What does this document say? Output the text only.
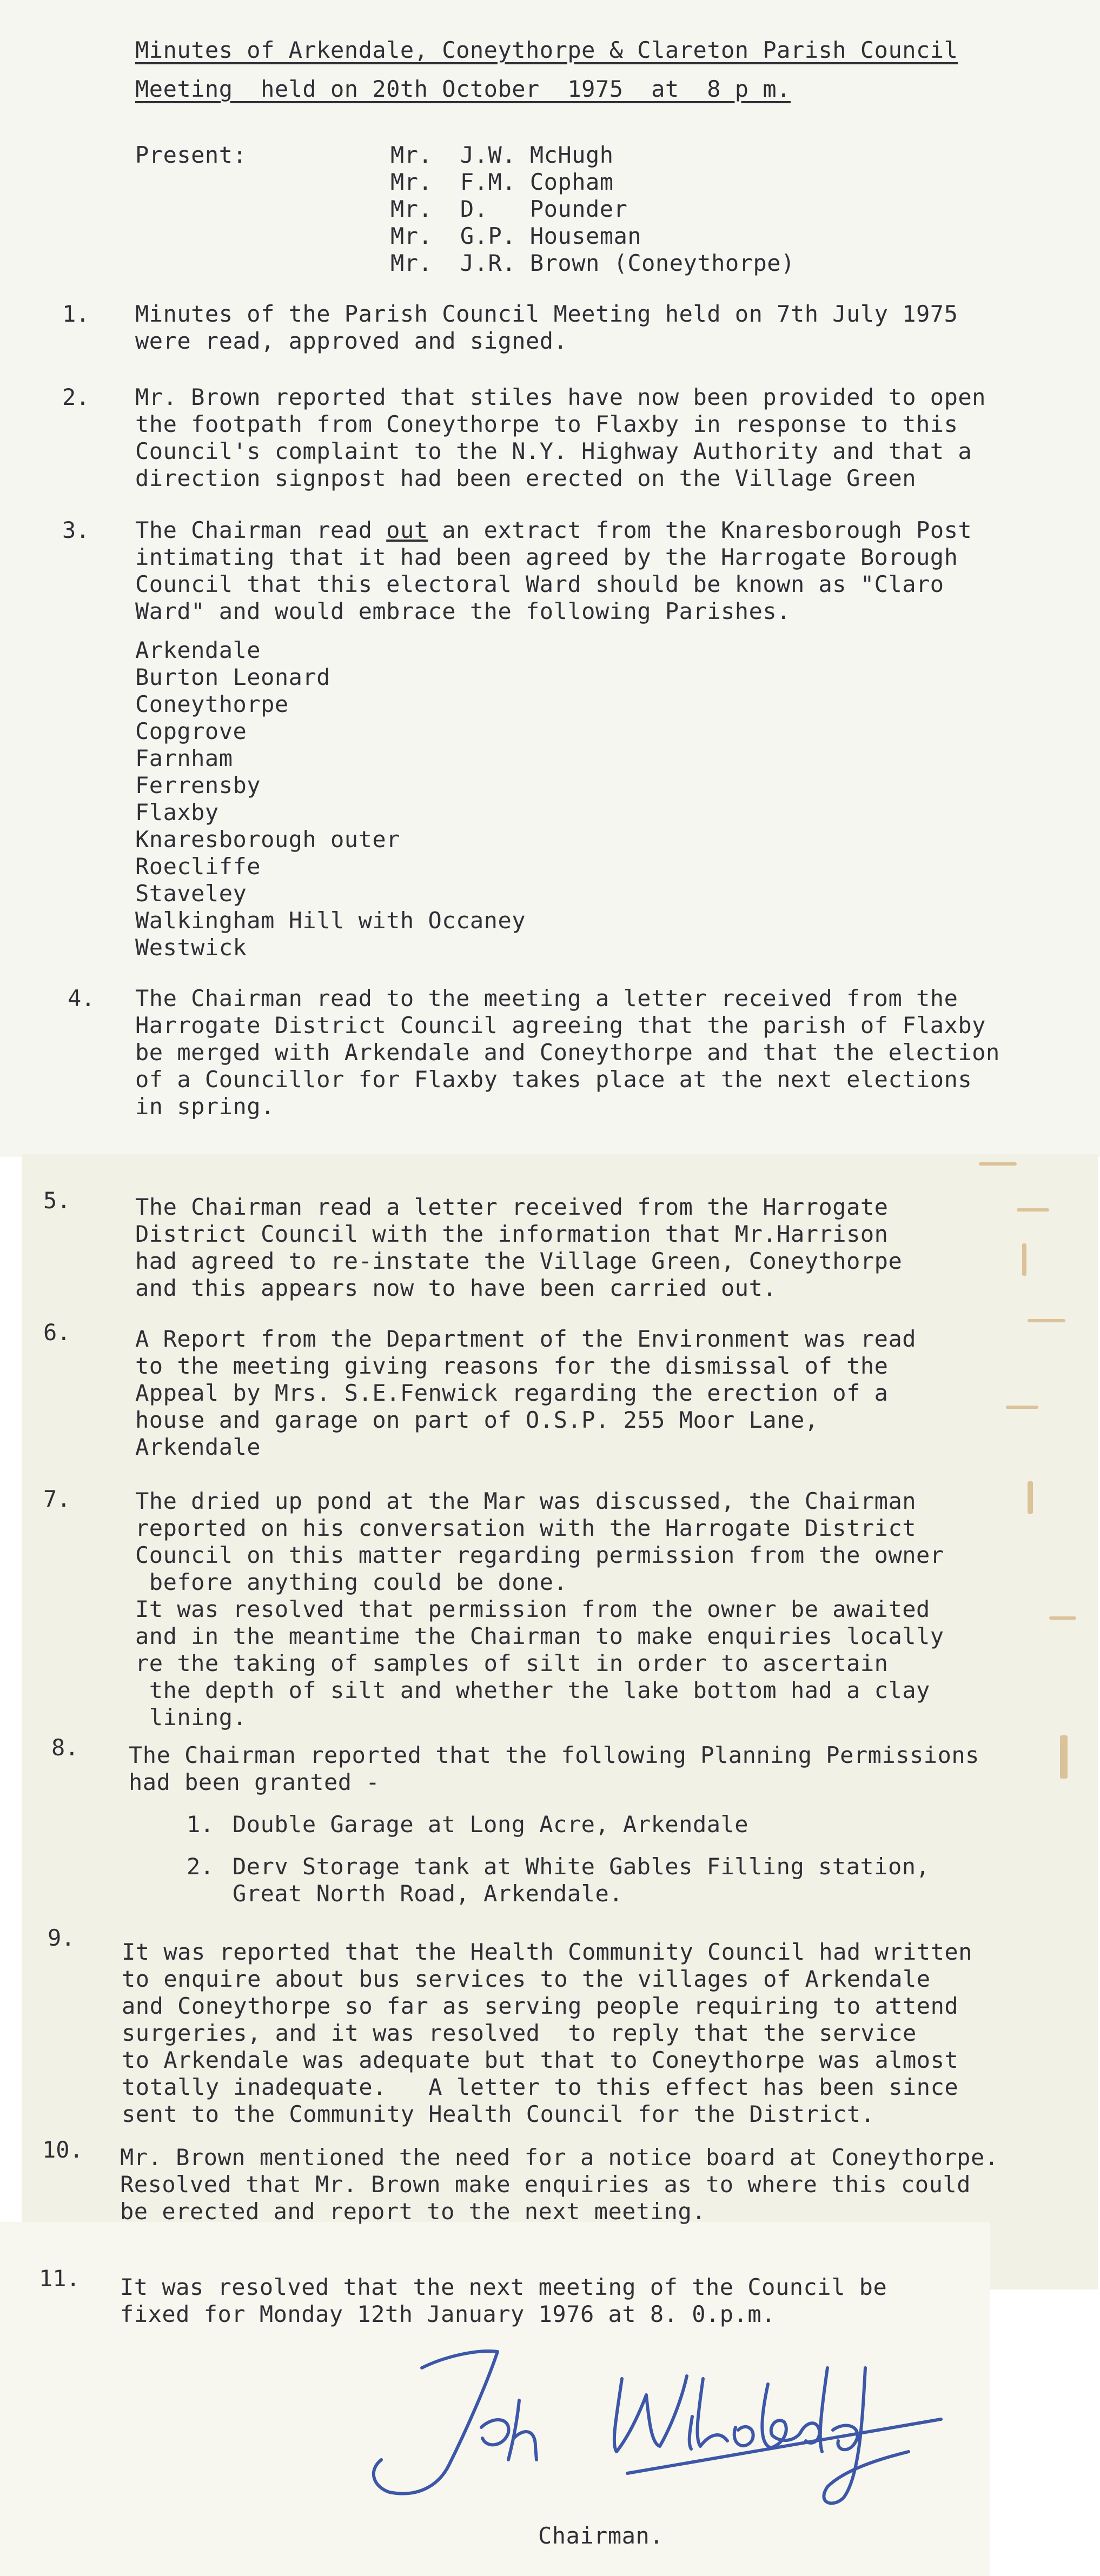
Minutes of Arkendale, Coneythorpe & Clareton Parish Council
Meeting  held on 20th October  1975  at  8 p m.
Present:	Mr.  J.W. McHugh
Mr.  F.M. Copham
Mr.  D.   Pounder
Mr.  G.P. Houseman
Mr.  J.R. Brown (Coneythorpe)
1. Minutes of the Parish Council Meeting held on 7th July 1975
were read, approved and signed.
2. Mr. Brown reported that stiles have now been provided to open
the footpath from Coneythorpe to Flaxby in response to this
Council's complaint to the N.Y. Highway Authority and that a
direction signpost had been erected on the Village Green
3. The Chairman read out an extract from the Knaresborough Post
intimating that it had been agreed by the Harrogate Borough
Council that this electoral Ward should be known as "Claro
Ward" and would embrace the following Parishes.
Arkendale
Burton Leonard
Coneythorpe
Copgrove
Farnham
Ferrensby
Flaxby
Knaresborough outer
Roecliffe
Staveley
Walkingham Hill with Occaney
Westwick
4. The Chairman read to the meeting a letter received from the
Harrogate District Council agreeing that the parish of Flaxby
be merged with Arkendale and Coneythorpe and that the election
of a Councillor for Flaxby takes place at the next elections
in spring.
5.	The Chairman read a letter received from the Harrogate
District Council with the information that Mr.Harrison
had agreed to re-instate the Village Green, Coneythorpe
and this appears now to have been carried out.
6.	A Report from the Department of the Environment was read
to the meeting giving reasons for the dismissal of the
Appeal by Mrs. S.E.Fenwick regarding the erection of a
house and garage on part of O.S.P. 255 Moor Lane,
Arkendale
7.	The dried up pond at the Mar was discussed, the Chairman
reported on his conversation with the Harrogate District
Council on this matter regarding permission from the owner
before anything could be done.
It was resolved that permission from the owner be awaited
and in the meantime the Chairman to make enquiries locally
re the taking of samples of silt in order to ascertain
the depth of silt and whether the lake bottom had a clay
lining.
8. The Chairman reported that the following Planning Permissions
had been granted -
1. Double Garage at Long Acre, Arkendale
2. Derv Storage tank at White Gables Filling station,
Great North Road, Arkendale.
9.
It was reported that the Health Community Council had written
to enquire about bus services to the villages of Arkendale
and Coneythorpe so far as serving people requiring to attend
surgeries, and it was resolved  to reply that the service
to Arkendale was adequate but that to Coneythorpe was almost
totally inadequate.   A letter to this effect has been since
sent to the Community Health Council for the District.
10. Mr. Brown mentioned the need for a notice board at Coneythorpe.
Resolved that Mr. Brown make enquiries as to where this could
be erected and report to the next meeting.
11. It was resolved that the next meeting of the Council be
fixed for Monday 12th January 1976 at 8. 0.p.m.
Chairman.
